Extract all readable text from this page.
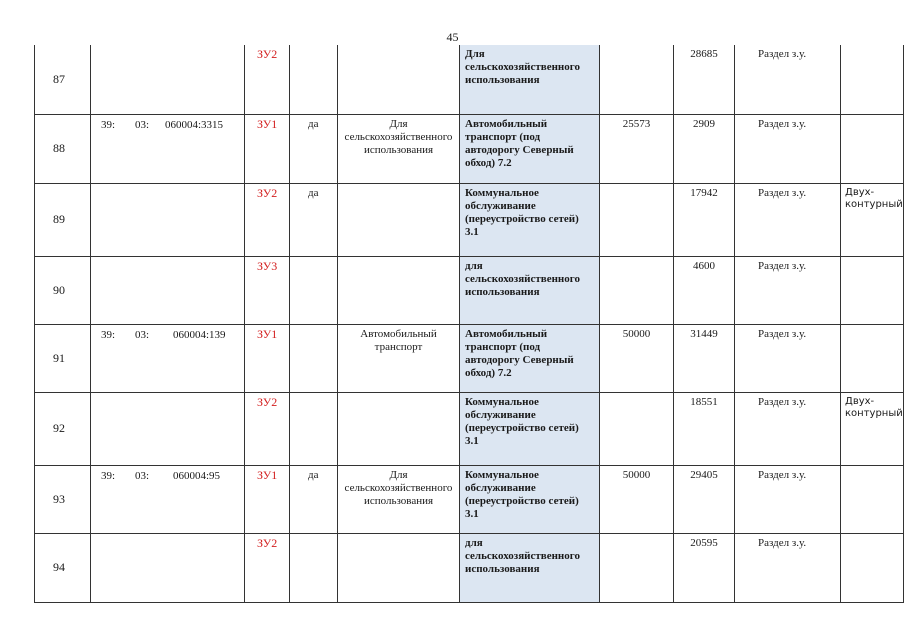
45
87		ЗУ2			Для сельскохозяйственного использования		28685	Раздел з.у.	
88	39: 03: 060004:3315	ЗУ1	да	Для сельскохозяйственного использования	Автомобильный транспорт (под автодорогу Северный обход) 7.2	25573	2909	Раздел з.у.	
89		ЗУ2	да		Коммунальное обслуживание (переустройство сетей) 3.1		17942	Раздел з.у.	Двух-контурный
90		ЗУ3			для сельскохозяйственного использования		4600	Раздел з.у.	
91	39: 03: 060004:139	ЗУ1		Автомобильный транспорт	Автомобильный транспорт (под автодорогу Северный обход) 7.2	50000	31449	Раздел з.у.	
92		ЗУ2			Коммунальное обслуживание (переустройство сетей) 3.1		18551	Раздел з.у.	Двух-контурный
93	39: 03: 060004:95	ЗУ1	да	Для сельскохозяйственного использования	Коммунальное обслуживание (переустройство сетей) 3.1	50000	29405	Раздел з.у.	
94		ЗУ2			для сельскохозяйственного использования		20595	Раздел з.у.	
